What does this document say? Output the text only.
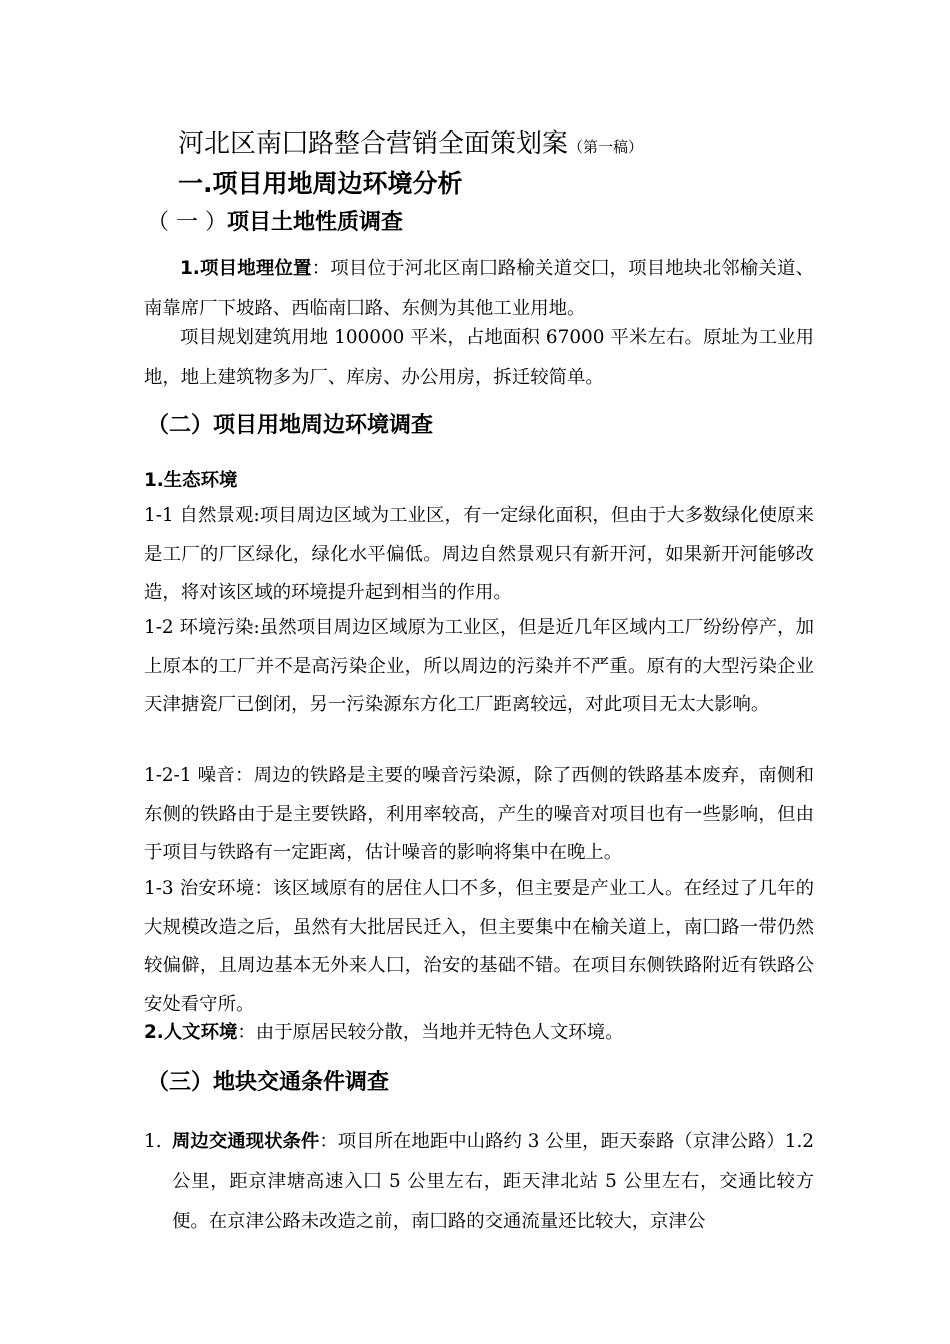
河北区南囗路整合营销全面策划案（第一稿）
一.项目用地周边环境分析
（ 一 ）项目土地性质调查
1.项目地理位置：项目位于河北区南囗路榆关道交囗，项目地块北邻榆关道、南靠席厂下坡路、西临南囗路、东侧为其他工业用地。
项目规划建筑用地 100000 平米，占地面积 67000 平米左右。原址为工业用地，地上建筑物多为厂、库房、办公用房，拆迁较简单。
（二）项目用地周边环境调查
1.生态环境
1-1 自然景观:项目周边区域为工业区，有一定绿化面积，但由于大多数绿化使原来是工厂的厂区绿化，绿化水平偏低。周边自然景观只有新开河，如果新开河能够改造，将对该区域的环境提升起到相当的作用。
1-2 环境污染:虽然项目周边区域原为工业区，但是近几年区域内工厂纷纷停产，加上原本的工厂并不是高污染企业，所以周边的污染并不严重。原有的大型污染企业天津搪瓷厂已倒闭，另一污染源东方化工厂距离较远，对此项目无太大影响。
1-2-1 噪音：周边的铁路是主要的噪音污染源，除了西侧的铁路基本废弃，南侧和东侧的铁路由于是主要铁路，利用率较高，产生的噪音对项目也有一些影响，但由于项目与铁路有一定距离，估计噪音的影响将集中在晚上。
1-3 治安环境：该区域原有的居住人囗不多，但主要是产业工人。在经过了几年的大规模改造之后，虽然有大批居民迁入，但主要集中在榆关道上，南囗路一带仍然较偏僻，且周边基本无外来人囗，治安的基础不错。在项目东侧铁路附近有铁路公安处看守所。
2.人文环境：由于原居民较分散，当地并无特色人文环境。
（三）地块交通条件调查
1. 周边交通现状条件：项目所在地距中山路约 3 公里，距天泰路（京津公路）1.2 公里，距京津塘高速入囗 5 公里左右，距天津北站 5 公里左右，交通比较方便。在京津公路未改造之前，南囗路的交通流量还比较大，京津公
